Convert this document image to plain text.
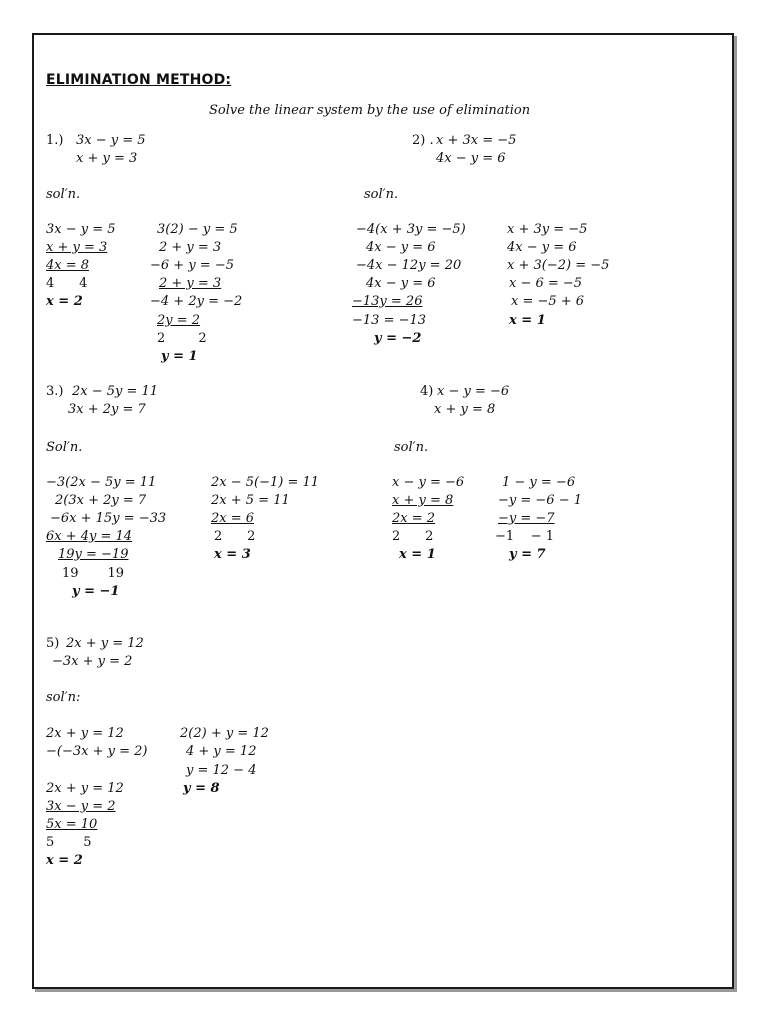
ELIMINATION METHOD:
Solve the linear system by the use of elimination
1.) 3x − y = 5
x + y = 3
sol′n.
3x − y = 5
x + y = 3
4x = 8
4      4
x = 2
3(2) − y = 5
2 + y = 3
−6 + y = −5
2 + y = 3
−4 + 2y = −2
2y = 2
2        2
y = 1
2) . x + 3x = −5
4x − y = 6
sol′n.
−4(x + 3y = −5)
4x − y = 6
−4x − 12y = 20
4x − y = 6
−13y = 26
−13 = −13
y = −2
x + 3y = −5
4x − y = 6
x + 3(−2) = −5
x − 6 = −5
x = −5 + 6
x = 1
3.) 2x − 5y = 11
3x + 2y = 7
Sol′n.
−3(2x − 5y = 11
2(3x + 2y = 7
−6x + 15y = −33
6x + 4y = 14
19y = −19
19       19
y = −1
2x − 5(−1) = 11
2x + 5 = 11
2x = 6
2      2
x = 3
4) x − y = −6
x + y = 8
sol′n.
x − y = −6
x + y = 8
2x = 2
2      2
x = 1
1 − y = −6
−y = −6 − 1
−y = −7
−1    − 1
y = 7
5) 2x + y = 12
−3x + y = 2
sol′n:
2x + y = 12
−(−3x + y = 2)
2x + y = 12
3x − y = 2
5x = 10
5       5
x = 2
2(2) + y = 12
4 + y = 12
y = 12 − 4
y = 8
